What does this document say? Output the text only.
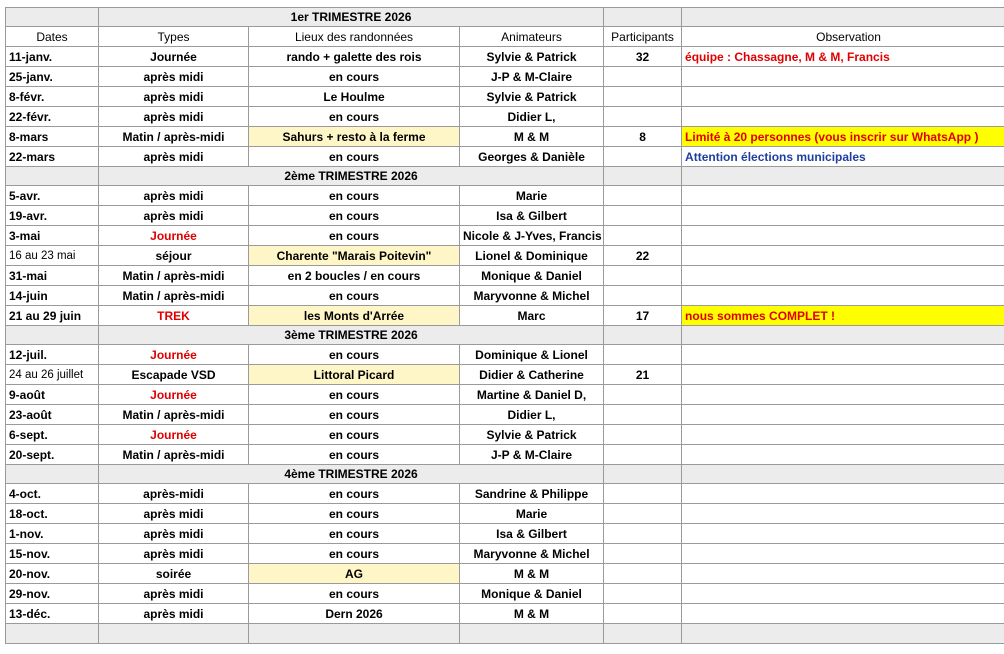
	1er TRIMESTRE 2026				
Dates	Types	Lieux des randonnées	Animateurs	Participants	Observation
11-janv.	Journée	rando + galette des rois	Sylvie & Patrick	32	équipe : Chassagne, M & M, Francis
25-janv.	après midi	en cours	J-P & M-Claire		
8-févr.	après midi	Le Houlme	Sylvie & Patrick		
22-févr.	après midi	en cours	Didier L,		
8-mars	Matin / après-midi	Sahurs + resto à la ferme	M & M	8	Limité à 20 personnes (vous inscrir sur WhatsApp )
22-mars	après midi	en cours	Georges & Danièle		Attention élections municipales
	2ème TRIMESTRE 2026				
5-avr.	après midi	en cours	Marie		
19-avr.	après midi	en cours	Isa & Gilbert		
3-mai	Journée	en cours	Nicole & J-Yves, Francis		
16 au 23 mai	séjour	Charente "Marais Poitevin"	Lionel & Dominique	22	
31-mai	Matin / après-midi	en 2 boucles / en cours	Monique & Daniel		
14-juin	Matin / après-midi	en cours	Maryvonne & Michel		
21 au 29 juin	TREK	les Monts d'Arrée	Marc	17	nous sommes COMPLET !
	3ème TRIMESTRE 2026				
12-juil.	Journée	en cours	Dominique & Lionel		
24 au 26 juillet	Escapade VSD	Littoral Picard	Didier & Catherine	21	
9-août	Journée	en cours	Martine & Daniel D,		
23-août	Matin / après-midi	en cours	Didier L,		
6-sept.	Journée	en cours	Sylvie & Patrick		
20-sept.	Matin / après-midi	en cours	J-P & M-Claire		
	4ème TRIMESTRE 2026				
4-oct.	après-midi	en cours	Sandrine & Philippe		
18-oct.	après midi	en cours	Marie		
1-nov.	après midi	en cours	Isa & Gilbert		
15-nov.	après midi	en cours	Maryvonne & Michel		
20-nov.	soirée	AG	M & M		
29-nov.	après midi	en cours	Monique & Daniel		
13-déc.	après midi	Dern 2026	M & M		
